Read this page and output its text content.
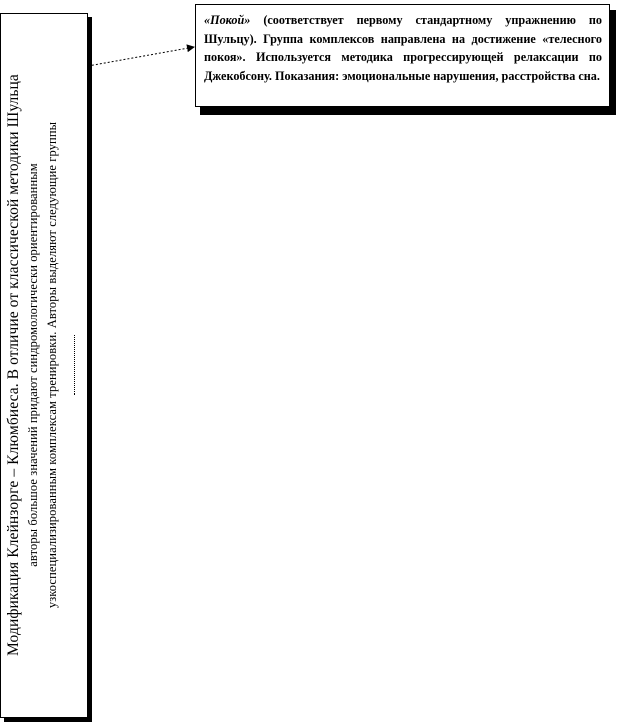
Модификация Клейнзорге – Клюмбиеса. В отличие от классической методики Шульца авторы большое значений придают синдромологически ориентированным узкоспециализированным комплексам тренировки. Авторы выделяют следующие группы

«Покой» (соответствует первому стандартному упражнению по Шульцу). Группа комплексов направлена на достижение «телесного покоя». Используется методика прогрессирующей релаксации по Джекобсону. Показания: эмоциональные нарушения, расстройства сна.
